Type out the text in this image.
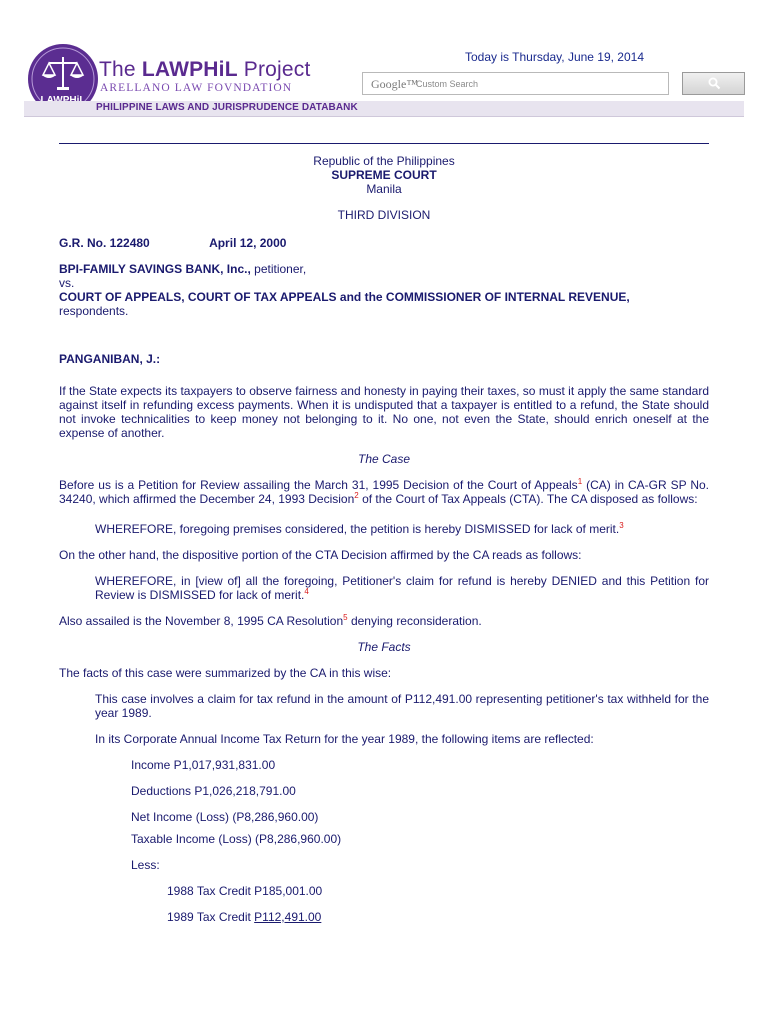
The LAWPHiL Project
ARELLANO LAW FOVNDATION
PHILIPPINE LAWS AND JURISPRUDENCE DATABANK
Today is Thursday, June 19, 2014
Google™
Custom Search
Republic of the Philippines
SUPREME COURT
Manila
THIRD DIVISION
G.R. No. 122480	April 12, 2000
BPI-FAMILY SAVINGS BANK, Inc., petitioner,
vs.
COURT OF APPEALS, COURT OF TAX APPEALS and the COMMISSIONER OF INTERNAL REVENUE,
respondents.
PANGANIBAN, J.:

If the State expects its taxpayers to observe fairness and honesty in paying their taxes, so must it apply the same standard against itself in refunding excess payments. When it is undisputed that a taxpayer is entitled to a refund, the State should not invoke technicalities to keep money not belonging to it. No one, not even the State, should enrich oneself at the expense of another.

The Case

Before us is a Petition for Review assailing the March 31, 1995 Decision of the Court of Appeals$^1$ (CA) in CA-GR SP No. 34240, which affirmed the December 24, 1993 Decision$^2$ of the Court of Tax Appeals (CTA). The CA disposed as follows:

WHEREFORE, foregoing premises considered, the petition is hereby DISMISSED for lack of merit.$^3$

On the other hand, the dispositive portion of the CTA Decision affirmed by the CA reads as follows:

WHEREFORE, in [view of] all the foregoing, Petitioner's claim for refund is hereby DENIED and this Petition for Review is DISMISSED for lack of merit.$^4$

Also assailed is the November 8, 1995 CA Resolution$^5$ denying reconsideration.

The Facts

The facts of this case were summarized by the CA in this wise:

This case involves a claim for tax refund in the amount of P112,491.00 representing petitioner's tax withheld for the year 1989.

In its Corporate Annual Income Tax Return for the year 1989, the following items are reflected:

Income P1,017,931,831.00
Deductions P1,026,218,791.00
Net Income (Loss) (P8,286,960.00)
Taxable Income (Loss) (P8,286,960.00)
Less:
1988 Tax Credit P185,001.00
1989 Tax Credit P112,491.00
